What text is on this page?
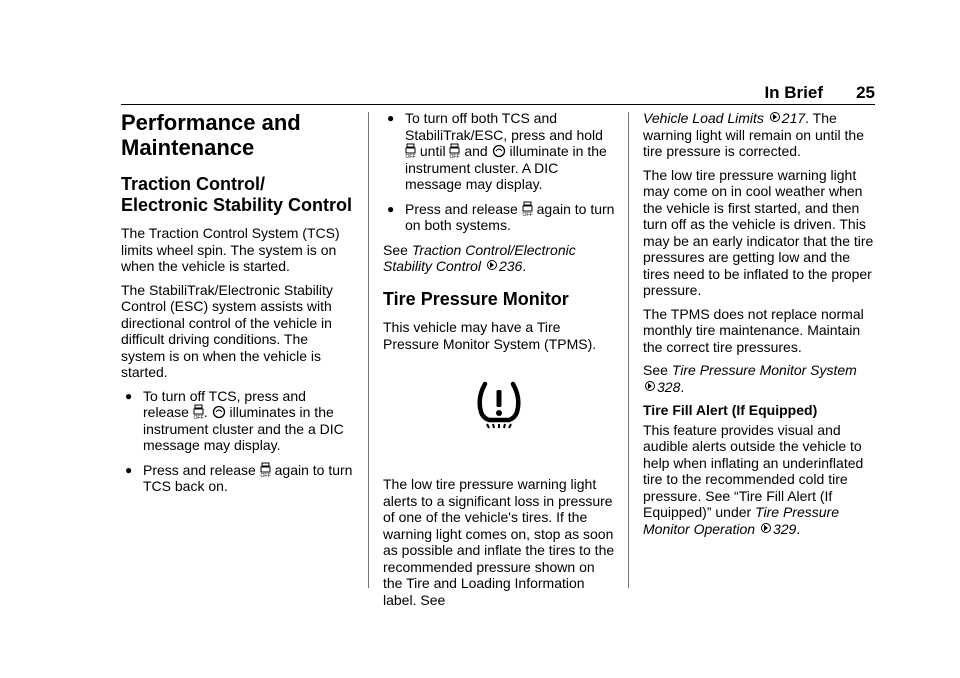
In Brief 25
Performance and Maintenance
Traction Control/ Electronic Stability Control

The Traction Control System (TCS) limits wheel spin. The system is on when the vehicle is started.

The StabiliTrak/Electronic Stability Control (ESC) system assists with directional control of the vehicle in difficult driving conditions. The system is on when the vehicle is started.

● To turn off TCS, press and release OFF . illuminates in the instrument cluster and the a DIC message may display.
● Press and release OFF again to turn TCS back on.
● To turn off both TCS and StabiliTrak/ESC, press and hold
OFF until OFF and illuminate in the instrument cluster. A DIC message may display.
● Press and release OFF again to turn on both systems.

See Traction Control/Electronic Stability Control 236.

Tire Pressure Monitor

This vehicle may have a Tire Pressure Monitor System (TPMS).

The low tire pressure warning light alerts to a significant loss in pressure of one of the vehicle's tires. If the warning light comes on, stop as soon as possible and inflate the tires to the recommended pressure shown on the Tire and Loading Information label. See

Vehicle Load Limits 217. The warning light will remain on until the tire pressure is corrected.

The low tire pressure warning light may come on in cool weather when the vehicle is first started, and then turn off as the vehicle is driven. This may be an early indicator that the tire pressures are getting low and the tires need to be inflated to the proper pressure.

The TPMS does not replace normal monthly tire maintenance. Maintain the correct tire pressures.

See Tire Pressure Monitor System
328.

Tire Fill Alert (If Equipped)

This feature provides visual and audible alerts outside the vehicle to help when inflating an underinflated tire to the recommended cold tire pressure. See “Tire Fill Alert (If Equipped)” under Tire Pressure Monitor Operation 329.
